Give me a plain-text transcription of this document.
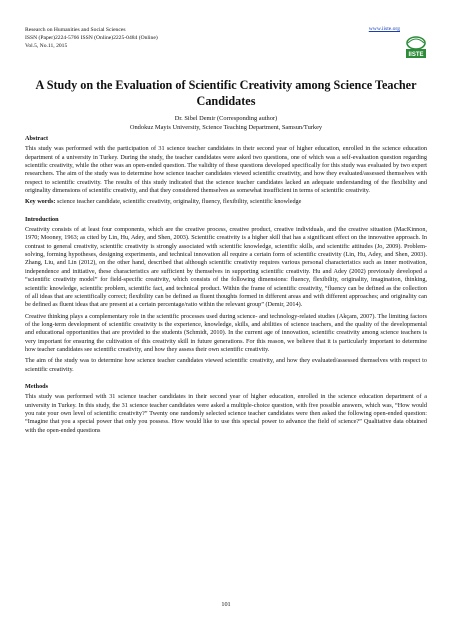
Research on Humanities and Social Sciences
ISSN (Paper)2224-5766 ISSN (Online)2225-0484 (Online)
Vol.5, No.11, 2015
www.iiste.org
IISTE
A Study on the Evaluation of Scientific Creativity among Science Teacher Candidates
Dr. Sibel Demir (Corresponding author)
Ondokuz Mayis University, Science Teaching Department, Samsun/Turkey
Abstract

This study was performed with the participation of 31 science teacher candidates in their second year of higher education, enrolled in the science education department of a university in Turkey. During the study, the teacher candidates were asked two questions, one of which was a self-evaluation question regarding scientific creativity, while the other was an open-ended question. The validity of these questions developed specifically for this study was evaluated by two expert researchers. The aim of the study was to determine how science teacher candidates viewed scientific creativity, and how they evaluated/assessed themselves with respect to scientific creativity. The results of this study indicated that the science teacher candidates lacked an adequate understanding of the flexibility and originality dimensions of scientific creativity, and that they considered themselves as somewhat insufficient in terms of scientific creativity.

Key words: science teacher candidate, scientific creativity, originality, fluency, flexibility, scientific knowledge

Introduction

Creativity consists of at least four components, which are the creative process, creative product, creative individuals, and the creative situation (MacKinnon, 1970; Mooney, 1963; as cited by Lin, Hu, Adey, and Shen, 2003). Scientific creativity is a higher skill that has a significant effect on the innovative approach. In contrast to general creativity, scientific creativity is strongly associated with scientific knowledge, scientific skills, and scientific attitudes (Jo, 2009). Problem-solving, forming hypotheses, designing experiments, and technical innovation all require a certain form of scientific creativity (Lin, Hu, Adey, and Shen, 2003). Zhang, Liu, and Lin (2012), on the other hand, described that although scientific creativity requires various personal characteristics such as inner motivation, independence and initiative, these characteristics are sufficient by themselves in supporting scientific creativity. Hu and Adey (2002) previously developed a “scientific creativity model” for field-specific creativity, which consists of the following dimensions: fluency, flexibility, originality, imagination, thinking, scientific knowledge, scientific problem, scientific fact, and technical product. Within the frame of scientific creativity, “fluency can be defined as the collection of all ideas that are scientifically correct; flexibility can be defined as fluent thoughts formed in different areas and with different approaches; and originality can be defined as fluent ideas that are present at a certain percentage/ratio within the relevant group” (Demir, 2014).

Creative thinking plays a complementary role in the scientific processes used during science- and technology-related studies (Akçam, 2007). The limiting factors of the long-term development of scientific creativity is the experience, knowledge, skills, and abilities of science teachers, and the quality of the developmental and educational opportunities that are provided to the students (Schmidt, 2010). In the current age of innovation, scientific creativity among science teachers is very important for ensuring the cultivation of this creativity skill in future generations. For this reason, we believe that it is particularly important to determine how teacher candidates see scientific creativity, and how they assess their own scientific creativity.

The aim of the study was to determine how science teacher candidates viewed scientific creativity, and how they evaluated/assessed themselves with respect to scientific creativity.

Methods

This study was performed with 31 science teacher candidates in their second year of higher education, enrolled in the science education department of a university in Turkey. In this study, the 31 science teacher candidates were asked a multiple-choice question, with five possible answers, which was, “How would you rate your own level of scientific creativity?” Twenty one randomly selected science teacher candidates were then asked the following open-ended question: “Imagine that you a special power that only you possess. How would like to use this special power to advance the field of science?” Qualitative data obtained with the open-ended questions

101
